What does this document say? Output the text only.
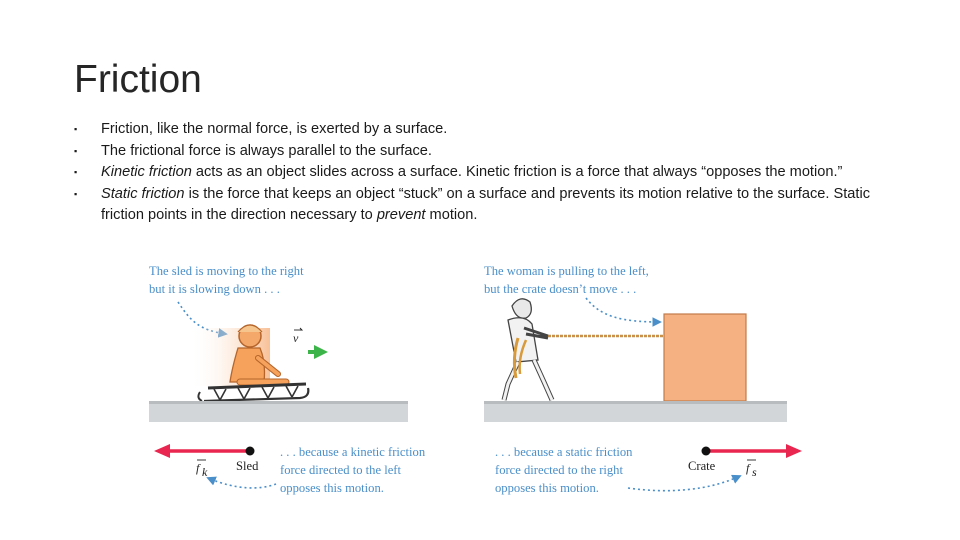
Friction
▪ Friction, like the normal force, is exerted by a surface.
▪ The frictional force is always parallel to the surface.
▪ Kinetic friction acts as an object slides across a surface. Kinetic friction is a force that always “opposes the motion.”
▪ Static friction is the force that keeps an object “stuck” on a surface and prevents its motion relative to the surface. Static friction points in the direction necessary to prevent motion.
The sled is moving to the right
but it is slowing down . . .
v
f k Sled
. . . because a kinetic friction
force directed to the left
opposes this motion.
The woman is pulling to the left,
but the crate doesn’t move . . .
Crate	f s
. . . because a static friction
force directed to the right
opposes this motion.
